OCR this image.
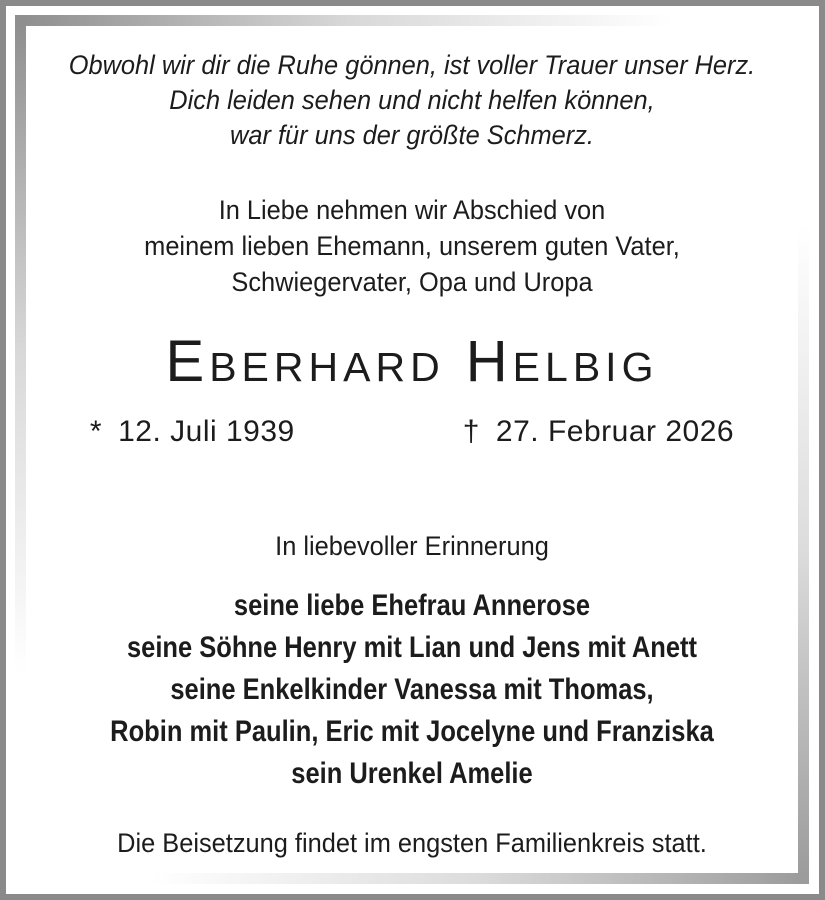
Obwohl wir dir die Ruhe gönnen, ist voller Trauer unser Herz.
Dich leiden sehen und nicht helfen können,
war für uns der größte Schmerz.
In Liebe nehmen wir Abschied von
meinem lieben Ehemann, unserem guten Vater,
Schwiegervater, Opa und Uropa
Eberhard Helbig
* 12. Juli 1939	† 27. Februar 2026
In liebevoller Erinnerung
seine liebe Ehefrau Annerose
seine Söhne Henry mit Lian und Jens mit Anett
seine Enkelkinder Vanessa mit Thomas,
Robin mit Paulin, Eric mit Jocelyne und Franziska
sein Urenkel Amelie
Die Beisetzung findet im engsten Familienkreis statt.
